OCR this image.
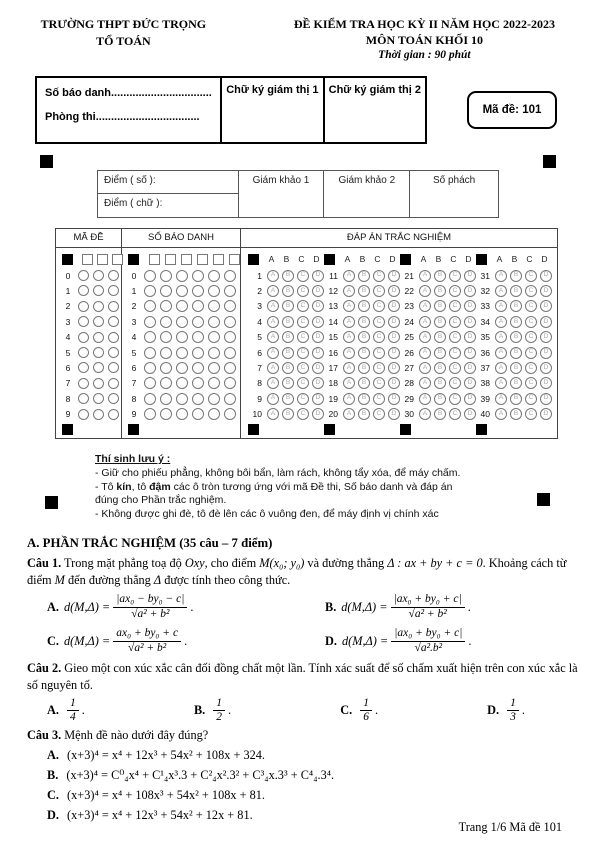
TRƯỜNG THPT ĐỨC TRỌNG
TỔ TOÁN
ĐỀ KIỂM TRA HỌC KỲ II NĂM HỌC 2022-2023
MÔN TOÁN KHỐI 10
Thời gian : 90 phút
Số báo danh.................................
Phòng thi..................................
Chữ ký giám thị 1 Chữ ký giám thị 2
Mã đề: 101
Điểm ( số ):
Điểm ( chữ ):
Giám khảo 1	Giám khảo 2	Số phách
MÃ ĐỀ
0
1
2
3
4
5
6
7
8
9
SỐ BÁO DANH
0
1
2
3
4
5
6
7
8
9
ĐÁP ÁN TRẮC NGHIỆM
A	B	C	D
1	A	B	C	D
2	A	B	C	D
3	A	B	C	D
4	A	B	C	D
5	A	B	C	D
6	A	B	C	D
7	A	B	C	D
8	A	B	C	D
9	A	B	C	D
10	A	B	C	D
A	B	C	D
11	A	B	C	D
12	A	B	C	D
13	A	B	C	D
14	A	B	C	D
15	A	B	C	D
16	A	B	C	D
17	A	B	C	D
18	A	B	C	D
19	A	B	C	D
20	A	B	C	D
A	B	C	D
21	A	B	C	D
22	A	B	C	D
23	A	B	C	D
24	A	B	C	D
25	A	B	C	D
26	A	B	C	D
27	A	B	C	D
28	A	B	C	D
29	A	B	C	D
30	A	B	C	D
A	B	C	D
31	A	B	C	D
32	A	B	C	D
33	A	B	C	D
34	A	B	C	D
35	A	B	C	D
36	A	B	C	D
37	A	B	C	D
38	A	B	C	D
39	A	B	C	D
40	A	B	C	D
Thí sinh lưu ý :
- Giữ cho phiếu phẳng, không bôi bẩn, làm rách, không tẩy xóa, để máy chấm.
- Tô kín, tô đậm các ô tròn tương ứng với mã Đề thi, Số báo danh và đáp án đúng cho Phần trắc nghiệm.
- Không được ghi đè, tô đè lên các ô vuông đen, để máy định vị chính xác
A. PHẦN TRẮC NGHIỆM (35 câu – 7 điểm)

Câu 1. Trong mặt phẳng toạ độ Oxy, cho điểm M(x₀; y₀) và đường thẳng Δ : ax + by + c = 0. Khoảng cách từ điểm M đến đường thẳng Δ được tính theo công thức.

A. $d(M,\Delta) = \frac{\text{|ax₀ − by₀ − c|}}{\text{√a² + b²}}$ .	B. $d(M,\Delta) = \frac{\text{|ax₀ + by₀ + c|}}{\text{√a² + b²}}$ .
C. $d(M,\Delta) = \frac{\text{ax₀ + by₀ + c}}{\text{√a² + b²}}$ .	D. $d(M,\Delta) = \frac{\text{|ax₀ + by₀ + c|}}{\text{√a².b²}}$ .

Câu 2. Gieo một con xúc xắc cân đối đồng chất một lần. Tính xác suất để số chấm xuất hiện trên con xúc xắc là số nguyên tố.

A. $\frac{1}{4}$ .	B. $\frac{1}{2}$ .	C. $\frac{1}{6}$ .	D. $\frac{1}{3}$ .

Câu 3. Mệnh đề nào dưới đây đúng?

A. (x+3)⁴ = x⁴ + 12x³ + 54x² + 108x + 324.

B. (x+3)⁴ = C⁰₄x⁴ + C¹₄x³.3 + C²₄x².3² + C³₄x.3³ + C⁴₄.3⁴.

C. (x+3)⁴ = x⁴ + 108x³ + 54x² + 108x + 81.

D. (x+3)⁴ = x⁴ + 12x³ + 54x² + 12x + 81.

Trang 1/6 Mã đề 101
